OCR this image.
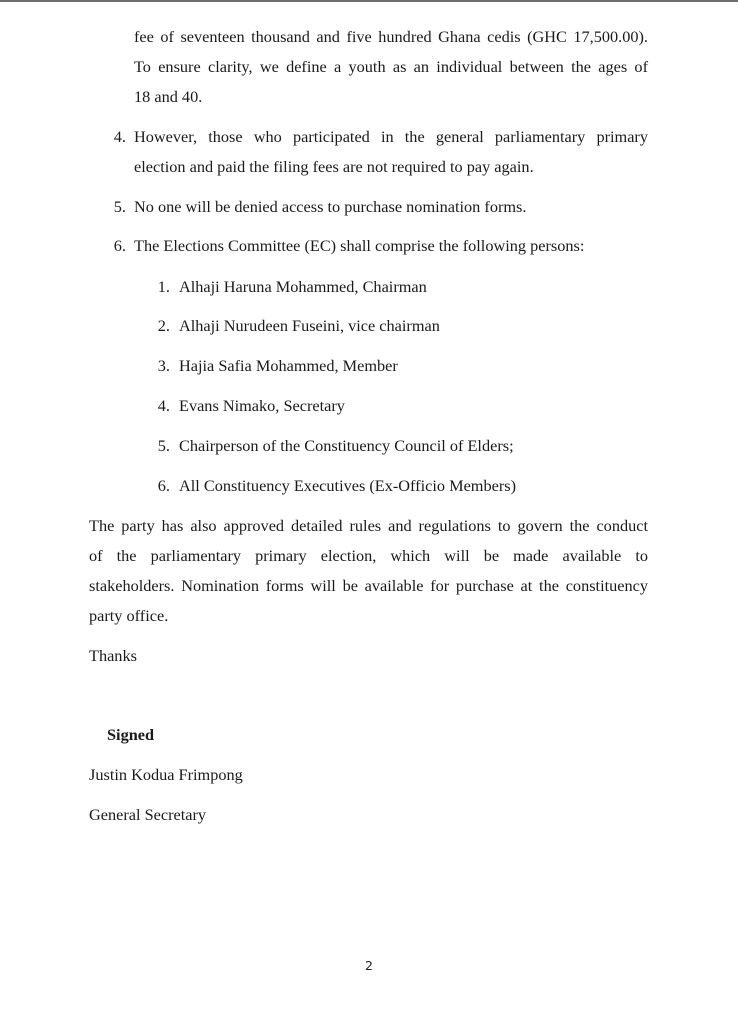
fee of seventeen thousand and five hundred Ghana cedis (GHC 17,500.00).
To ensure clarity, we define a youth as an individual between the ages of
18 and 40.
4. However, those who participated in the general parliamentary primary
election and paid the filing fees are not required to pay again.
5. No one will be denied access to purchase nomination forms.
6. The Elections Committee (EC) shall comprise the following persons:
1. Alhaji Haruna Mohammed, Chairman
2. Alhaji Nurudeen Fuseini, vice chairman
3. Hajia Safia Mohammed, Member
4. Evans Nimako, Secretary
5. Chairperson of the Constituency Council of Elders;
6. All Constituency Executives (Ex-Officio Members)
The party has also approved detailed rules and regulations to govern the conduct
of the parliamentary primary election, which will be made available to
stakeholders. Nomination forms will be available for purchase at the constituency
party office.
Thanks
Signed
Justin Kodua Frimpong
General Secretary
2
